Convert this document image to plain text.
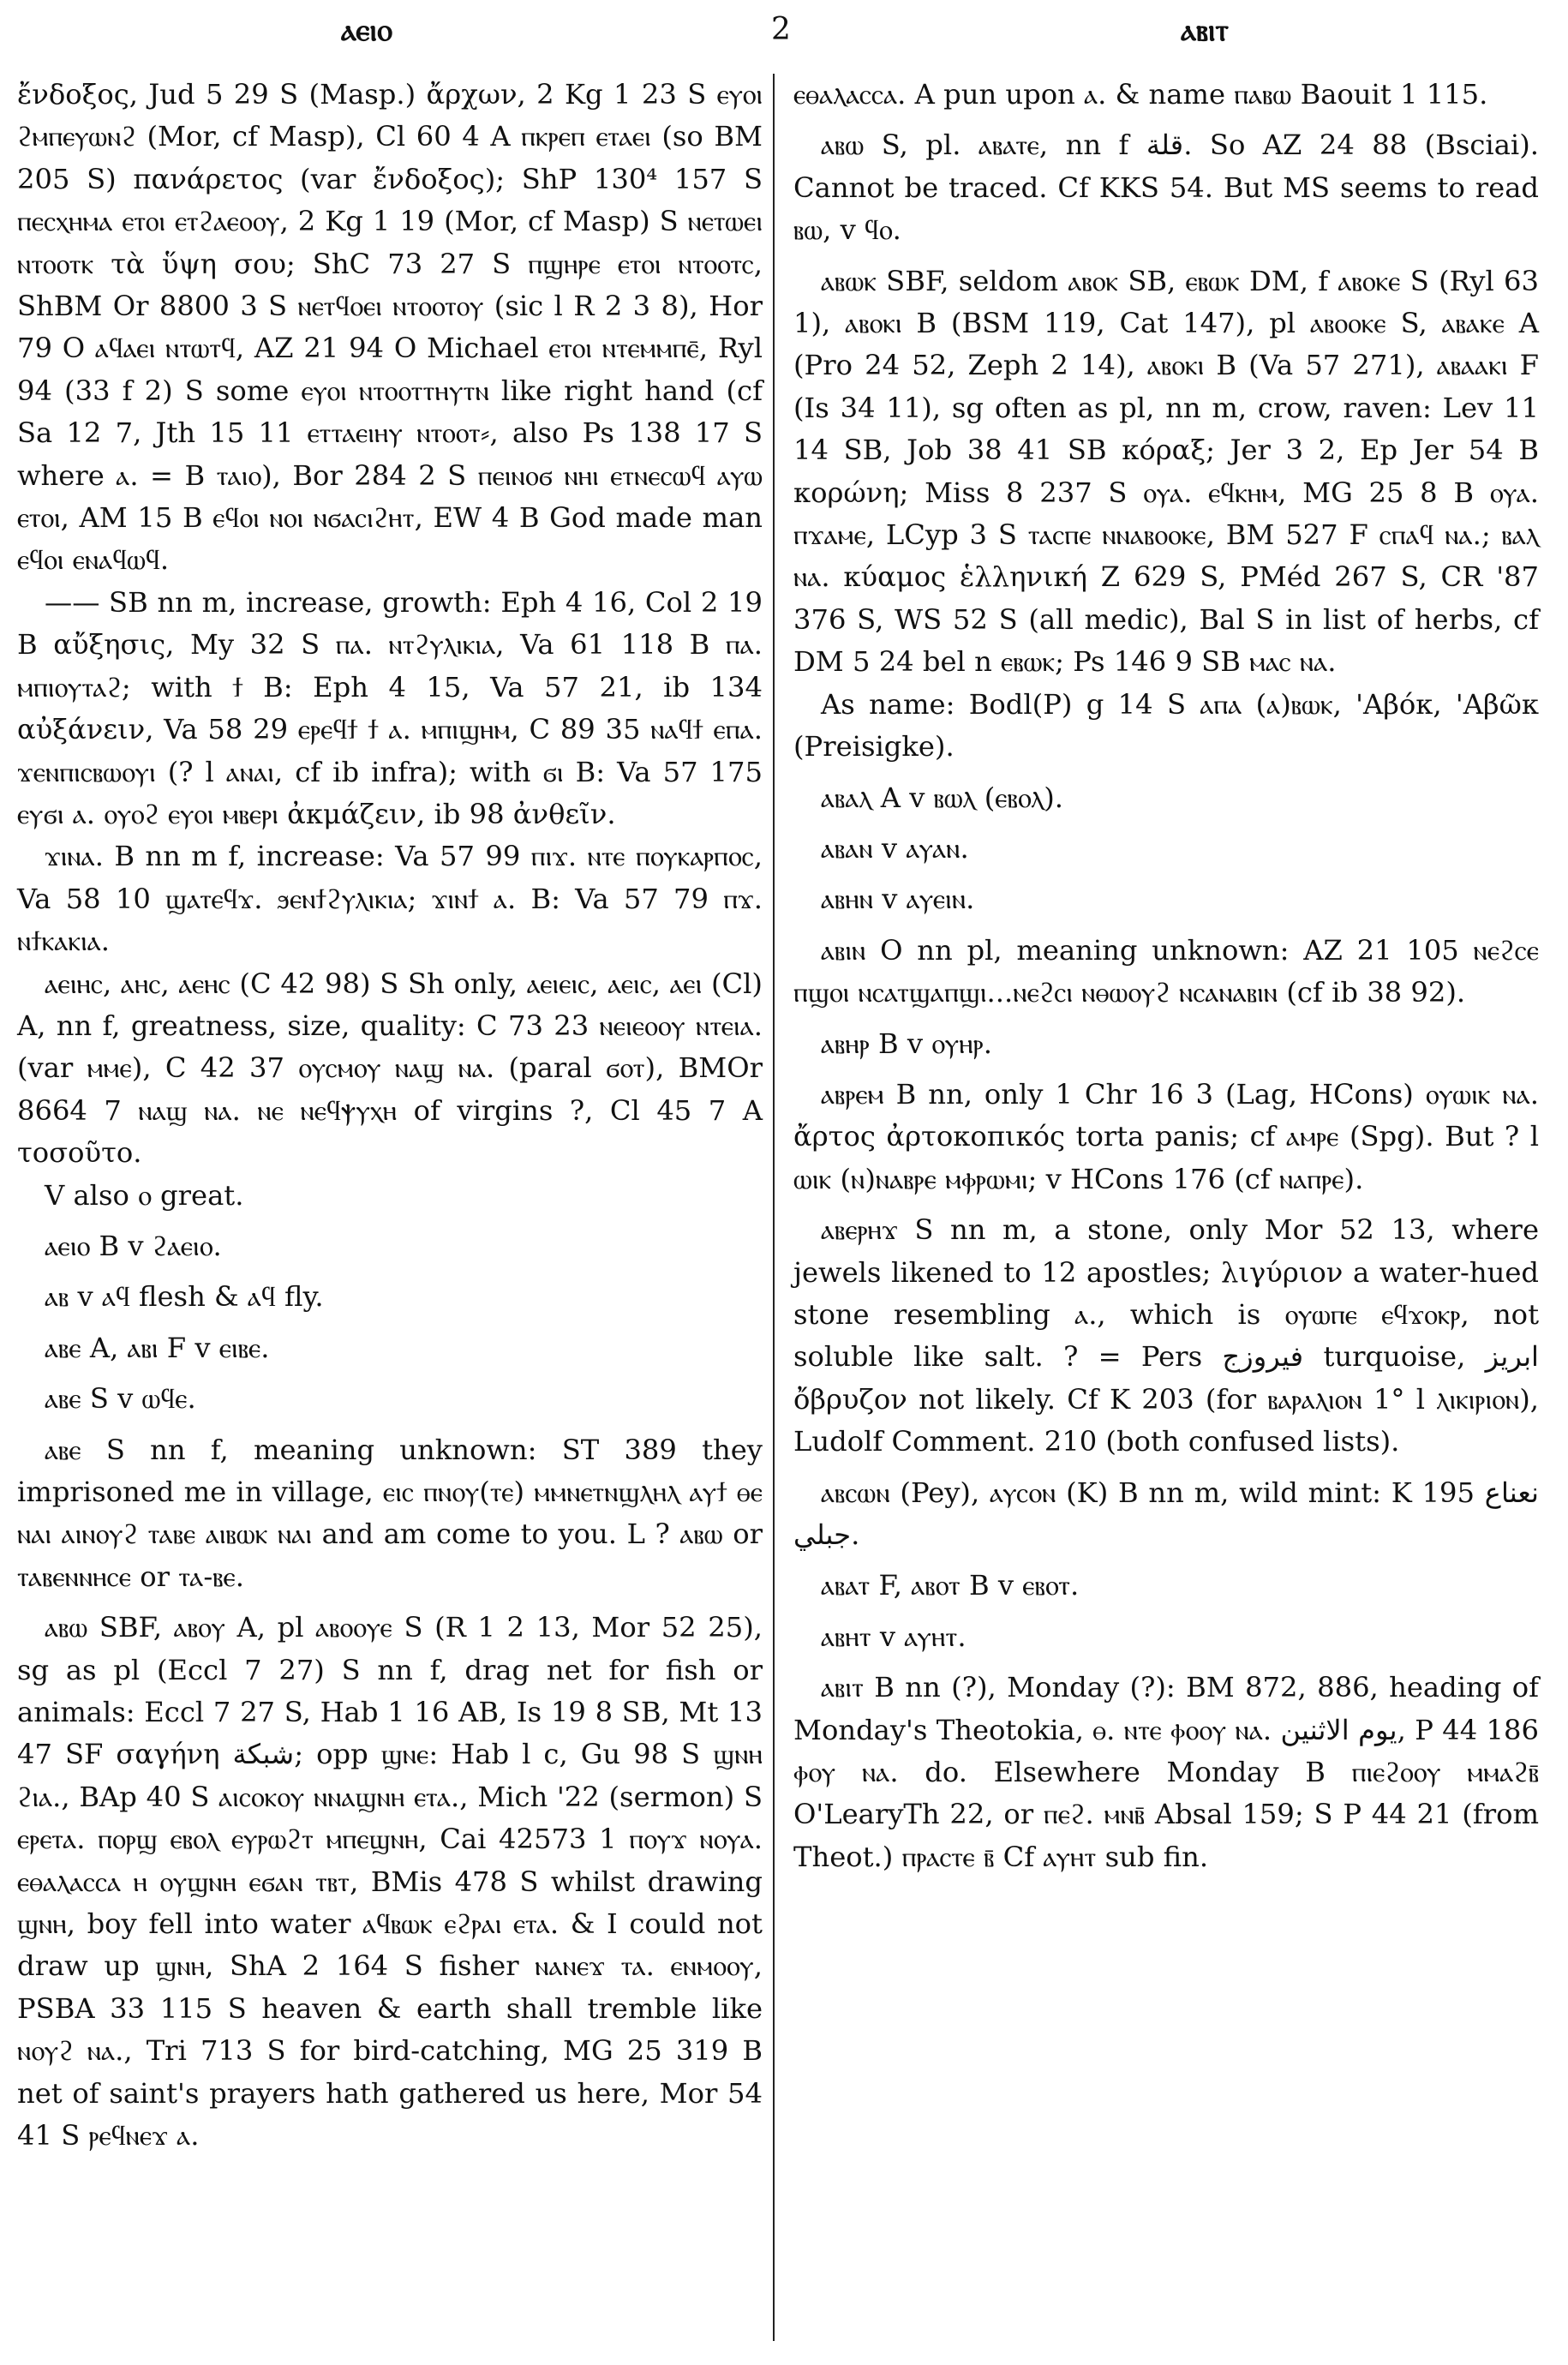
ⲁⲉⲓⲟ	2	ⲁⲃⲓⲧ

ἔνδοξος, Jud 5 29 S (Masp.) ἄρχων, 2 Kg 1 23 S ⲉⲩⲟⲓ ϩⲙⲡⲉⲩⲱⲛϩ (Mor, cf Masp), Cl 60 4 A ⲡⲕⲣⲉⲡ ⲉⲧⲁⲉⲓ (so BM 205 S) πανάρετος (var ἔνδοξος); ShP 130⁴ 157 S ⲡⲉⲥⲭⲏⲙⲁ ⲉⲧⲟⲓ ⲉⲧϩⲁⲉⲟⲟⲩ, 2 Kg 1 19 (Mor, cf Masp) S ⲛⲉⲧⲱⲉⲓ ⲛⲧⲟⲟⲧⲕ τὰ ὕψη σου; ShC 73 27 S ⲡϣⲏⲣⲉ ⲉⲧⲟⲓ ⲛⲧⲟⲟⲧⲥ, ShBM Or 8800 3 S ⲛⲉⲧϥⲟⲉⲓ ⲛⲧⲟⲟⲧⲟⲩ (sic l R 2 3 8), Hor 79 O ⲁϥⲁⲉⲓ ⲛⲧⲱⲧϥ, AZ 21 94 O Michael ⲉⲧⲟⲓ ⲛⲧⲉⲙⲙⲡⲉ̄, Ryl 94 (33 f 2) S some ⲉⲩⲟⲓ ⲛⲧⲟⲟⲧⲧⲏⲩⲧⲛ like right hand (cf Sa 12 7, Jth 15 11 ⲉⲧⲧⲁⲉⲓⲏⲩ ⲛⲧⲟⲟⲧ⸗, also Ps 138 17 S where ⲁ. = B ⲧⲁⲓⲟ), Bor 284 2 S ⲡⲉⲓⲛⲟϭ ⲛⲏⲓ ⲉⲧⲛⲉⲥⲱϥ ⲁⲩⲱ ⲉⲧⲟⲓ, AM 15 B ⲉϥⲟⲓ ⲛⲟⲓ ⲛϭⲁⲥⲓϩⲏⲧ, EW 4 B God made man ⲉϥⲟⲓ ⲉⲛⲁϥⲱϥ.

—— SB nn m, increase, growth: Eph 4 16, Col 2 19 B αὔξησις, My 32 S ⲡⲁ. ⲛⲧϩⲩⲗⲓⲕⲓⲁ, Va 61 118 B ⲡⲁ. ⲙⲡⲓⲟⲩⲧⲁϩ; with ϯ B: Eph 4 15, Va 57 21, ib 134 αὐξάνειν, Va 58 29 ⲉⲣⲉϥϯ ϯ ⲁ. ⲙⲡⲓϣⲏⲙ, C 89 35 ⲛⲁϥϯ ⲉⲡⲁ. ϫⲉⲛⲡⲓⲥⲃⲱⲟⲩⲓ (? l ⲁⲛⲁⲓ, cf ib infra); with ϭⲓ B: Va 57 175 ⲉⲩϭⲓ ⲁ. ⲟⲩⲟϩ ⲉⲩⲟⲓ ⲙⲃⲉⲣⲓ ἀκμάζειν, ib 98 ἀνθεῖν.

ϫⲓⲛⲁ. B nn m f, increase: Va 57 99 ⲡⲓϫ. ⲛⲧⲉ ⲡⲟⲩⲕⲁⲣⲡⲟⲥ, Va 58 10 ϣⲁⲧⲉϥϫ. ϧⲉⲛϯϩⲩⲗⲓⲕⲓⲁ; ϫⲓⲛϯ ⲁ. B: Va 57 79 ⲡϫ. ⲛϯⲕⲁⲕⲓⲁ.

ⲁⲉⲓⲏⲥ, ⲁⲏⲥ, ⲁⲉⲏⲥ (C 42 98) S Sh only, ⲁⲉⲓⲉⲓⲥ, ⲁⲉⲓⲥ, ⲁⲉⲓ (Cl) A, nn f, greatness, size, quality: C 73 23 ⲛⲉⲓⲉⲟⲟⲩ ⲛⲧⲉⲓⲁ. (var ⲙⲙⲉ), C 42 37 ⲟⲩⲥⲙⲟⲩ ⲛⲁϣ ⲛⲁ. (paral ϭⲟⲧ), BMOr 8664 7 ⲛⲁϣ ⲛⲁ. ⲛⲉ ⲛⲉϥⲯⲩⲭⲏ of virgins ?, Cl 45 7 A τοσοῦτο.

V also ⲟ great.

ⲁⲉⲓⲟ B v ϩⲁⲉⲓⲟ.

ⲁⲃ v ⲁϥ flesh & ⲁϥ fly.

ⲁⲃⲉ A, ⲁⲃⲓ F v ⲉⲓⲃⲉ.

ⲁⲃⲉ S v ⲱϥⲉ.

ⲁⲃⲉ S nn f, meaning unknown: ST 389 they imprisoned me in village, ⲉⲓⲥ ⲡⲛⲟⲩ(ⲧⲉ) ⲙⲙⲛⲉⲧⲛϣⲗⲏⲗ ⲁⲩϯ ⲑⲉ ⲛⲁⲓ ⲁⲓⲛⲟⲩϩ ⲧⲁⲃⲉ ⲁⲓⲃⲱⲕ ⲛⲁⲓ and am come to you. L ? ⲁⲃⲱ or ⲧⲁⲃⲉⲛⲛⲏⲥⲉ or ⲧⲁ-ⲃⲉ.

ⲁⲃⲱ SBF, ⲁⲃⲟⲩ A, pl ⲁⲃⲟⲟⲩⲉ S (R 1 2 13, Mor 52 25), sg as pl (Eccl 7 27) S nn f, drag net for fish or animals: Eccl 7 27 S, Hab 1 16 AB, Is 19 8 SB, Mt 13 47 SF σαγήνη شبكة; opp ϣⲛⲉ: Hab l c, Gu 98 S ϣⲛⲏ ϩⲓⲁ., BAp 40 S ⲁⲓⲥⲟⲕⲟⲩ ⲛⲛⲁϣⲛⲏ ⲉⲧⲁ., Mich '22 (sermon) S ⲉⲣⲉⲧⲁ. ⲡⲟⲣϣ ⲉⲃⲟⲗ ⲉⲩⲣⲱϩⲧ ⲙⲡⲉϣⲛⲏ, Cai 42573 1 ⲡⲟⲩϫ ⲛⲟⲩⲁ. ⲉⲑⲁⲗⲁⲥⲥⲁ ⲏ ⲟⲩϣⲛⲏ ⲉϭⲁⲛ ⲧⲃⲧ, BMis 478 S whilst drawing ϣⲛⲏ, boy fell into water ⲁϥⲃⲱⲕ ⲉϩⲣⲁⲓ ⲉⲧⲁ. & I could not draw up ϣⲛⲏ, ShA 2 164 S fisher ⲛⲁⲛⲉϫ ⲧⲁ. ⲉⲛⲙⲟⲟⲩ, PSBA 33 115 S heaven & earth shall tremble like ⲛⲟⲩϩ ⲛⲁ., Tri 713 S for bird-catching, MG 25 319 B net of saint's prayers hath gathered us here, Mor 54 41 S ⲣⲉϥⲛⲉϫ ⲁ.

ⲉⲑⲁⲗⲁⲥⲥⲁ. A pun upon ⲁ. & name ⲡⲁⲃⲱ Baouit 1 115.

ⲁⲃⲱ S, pl. ⲁⲃⲁⲧⲉ, nn f قلة. So AZ 24 88 (Bsciai). Cannot be traced. Cf KKS 54. But MS seems to read ⲃⲱ, v ϥⲟ.

ⲁⲃⲱⲕ SBF, seldom ⲁⲃⲟⲕ SB, ⲉⲃⲱⲕ DM, f ⲁⲃⲟⲕⲉ S (Ryl 63 1), ⲁⲃⲟⲕⲓ B (BSM 119, Cat 147), pl ⲁⲃⲟⲟⲕⲉ S, ⲁⲃⲁⲕⲉ A (Pro 24 52, Zeph 2 14), ⲁⲃⲟⲕⲓ B (Va 57 271), ⲁⲃⲁⲁⲕⲓ F (Is 34 11), sg often as pl, nn m, crow, raven: Lev 11 14 SB, Job 38 41 SB κόραξ; Jer 3 2, Ep Jer 54 B κορώνη; Miss 8 237 S ⲟⲩⲁ. ⲉϥⲕⲏⲙ, MG 25 8 B ⲟⲩⲁ. ⲡϫⲁⲙⲉ, LCyp 3 S ⲧⲁⲥⲡⲉ ⲛⲛⲁⲃⲟⲟⲕⲉ, BM 527 F ⲥⲡⲁϥ ⲛⲁ.; ⲃⲁⲗ ⲛⲁ. κύαμος ἑλληνική Z 629 S, PMéd 267 S, CR '87 376 S, WS 52 S (all medic), Bal S in list of herbs, cf DM 5 24 bel n ⲉⲃⲱⲕ; Ps 146 9 SB ⲙⲁⲥ ⲛⲁ.

As name: Bodl(P) g 14 S ⲁⲡⲁ (ⲁ)ⲃⲱⲕ, 'Αβόκ, 'Αβῶκ (Preisigke).

ⲁⲃⲁⲗ A v ⲃⲱⲗ (ⲉⲃⲟⲗ).

ⲁⲃⲁⲛ v ⲁⲩⲁⲛ.

ⲁⲃⲏⲛ v ⲁⲩⲉⲓⲛ.

ⲁⲃⲓⲛ O nn pl, meaning unknown: AZ 21 105 ⲛⲉϩⲥⲉ ⲡϣⲟⲓ ⲛⲥⲁⲧϣⲁⲡϣⲓ...ⲛⲉϩⲥⲓ ⲛⲑⲱⲟⲩϩ ⲛⲥⲁⲛⲁⲃⲓⲛ (cf ib 38 92).

ⲁⲃⲏⲣ B v ⲟⲩⲏⲣ.

ⲁⲃⲣⲉⲙ B nn, only 1 Chr 16 3 (Lag, HCons) ⲟⲩⲱⲓⲕ ⲛⲁ. ἄρτος ἀρτοκοπικός torta panis; cf ⲁⲙⲣⲉ (Spg). But ? l ⲱⲓⲕ (ⲛ)ⲛⲁⲃⲣⲉ ⲙⲫⲣⲱⲙⲓ; v HCons 176 (cf ⲛⲁⲡⲣⲉ).

ⲁⲃⲉⲣⲏϫ S nn m, a stone, only Mor 52 13, where jewels likened to 12 apostles; λιγύριον a water-hued stone resembling ⲁ., which is ⲟⲩⲱⲡⲉ ⲉϥϫⲟⲕⲣ, not soluble like salt. ? = Pers فيروزج turquoise, ابريز ὄβρυζον not likely. Cf K 203 (for ⲃⲁⲣⲁⲗⲓⲟⲛ 1° l ⲗⲓⲕⲓⲣⲓⲟⲛ), Ludolf Comment. 210 (both confused lists).

ⲁⲃⲥⲱⲛ (Pey), ⲁⲩⲥⲟⲛ (K) B nn m, wild mint: K 195 نعناع جبلي.

ⲁⲃⲁⲧ F, ⲁⲃⲟⲧ B v ⲉⲃⲟⲧ.

ⲁⲃⲏⲧ v ⲁⲩⲏⲧ.

ⲁⲃⲓⲧ B nn (?), Monday (?): BM 872, 886, heading of Monday's Theotokia, ⲑ. ⲛⲧⲉ ⲫⲟⲟⲩ ⲛⲁ. يوم الاثنين, P 44 186 ⲫⲟⲩ ⲛⲁ. do. Elsewhere Monday B ⲡⲓⲉϩⲟⲟⲩ ⲙⲙⲁϩⲃ̄ O'LearyTh 22, or ⲡⲉϩ. ⲙⲛⲃ̄ Absal 159; S P 44 21 (from Theot.) ⲡⲣⲁⲥⲧⲉ ⲃ̄ Cf ⲁⲩⲏⲧ sub fin.
